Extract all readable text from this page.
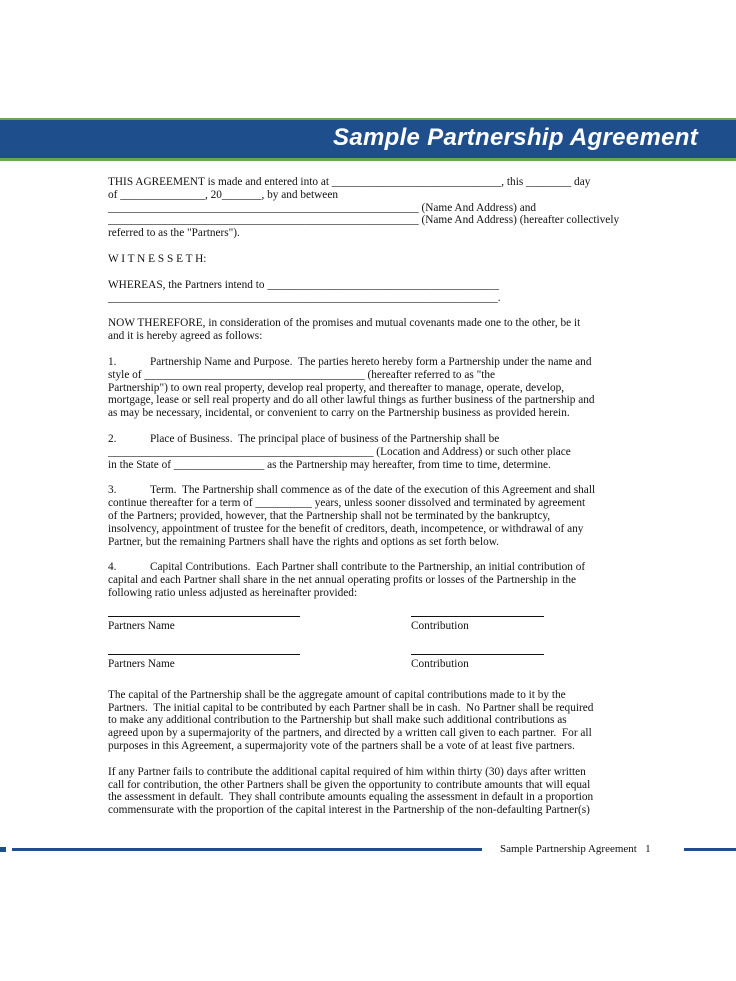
Sample Partnership Agreement
THIS AGREEMENT is made and entered into at ______________________________, this ________ day
of _______________, 20_______, by and between
_______________________________________________________ (Name And Address) and
_______________________________________________________ (Name And Address) (hereafter collectively
referred to as the "Partners").
W I T N E S S E T H:
WHEREAS, the Partners intend to _________________________________________
_____________________________________________________________________.
NOW THEREFORE, in consideration of the promises and mutual covenants made one to the other, be it
and it is hereby agreed as follows:
1.	Partnership Name and Purpose.  The parties hereto hereby form a Partnership under the name and
style of _______________________________________ (hereafter referred to as "the
Partnership") to own real property, develop real property, and thereafter to manage, operate, develop,
mortgage, lease or sell real property and do all other lawful things as further business of the partnership and
as may be necessary, incidental, or convenient to carry on the Partnership business as provided herein.
2.	Place of Business.  The principal place of business of the Partnership shall be
_______________________________________________ (Location and Address) or such other place
in the State of ________________ as the Partnership may hereafter, from time to time, determine.
3.	Term.  The Partnership shall commence as of the date of the execution of this Agreement and shall
continue thereafter for a term of __________ years, unless sooner dissolved and terminated by agreement
of the Partners; provided, however, that the Partnership shall not be terminated by the bankruptcy,
insolvency, appointment of trustee for the benefit of creditors, death, incompetence, or withdrawal of any
Partner, but the remaining Partners shall have the rights and options as set forth below.
4.	Capital Contributions.  Each Partner shall contribute to the Partnership, an initial contribution of
capital and each Partner shall share in the net annual operating profits or losses of the Partnership in the
following ratio unless adjusted as hereinafter provided:
Partners Name	Contribution
Partners Name	Contribution
The capital of the Partnership shall be the aggregate amount of capital contributions made to it by the
Partners.  The initial capital to be contributed by each Partner shall be in cash.  No Partner shall be required
to make any additional contribution to the Partnership but shall make such additional contributions as
agreed upon by a supermajority of the partners, and directed by a written call given to each partner.  For all
purposes in this Agreement, a supermajority vote of the partners shall be a vote of at least five partners.
If any Partner fails to contribute the additional capital required of him within thirty (30) days after written
call for contribution, the other Partners shall be given the opportunity to contribute amounts that will equal
the assessment in default.  They shall contribute amounts equaling the assessment in default in a proportion
commensurate with the proportion of the capital interest in the Partnership of the non-defaulting Partner(s)
Sample Partnership Agreement 1
